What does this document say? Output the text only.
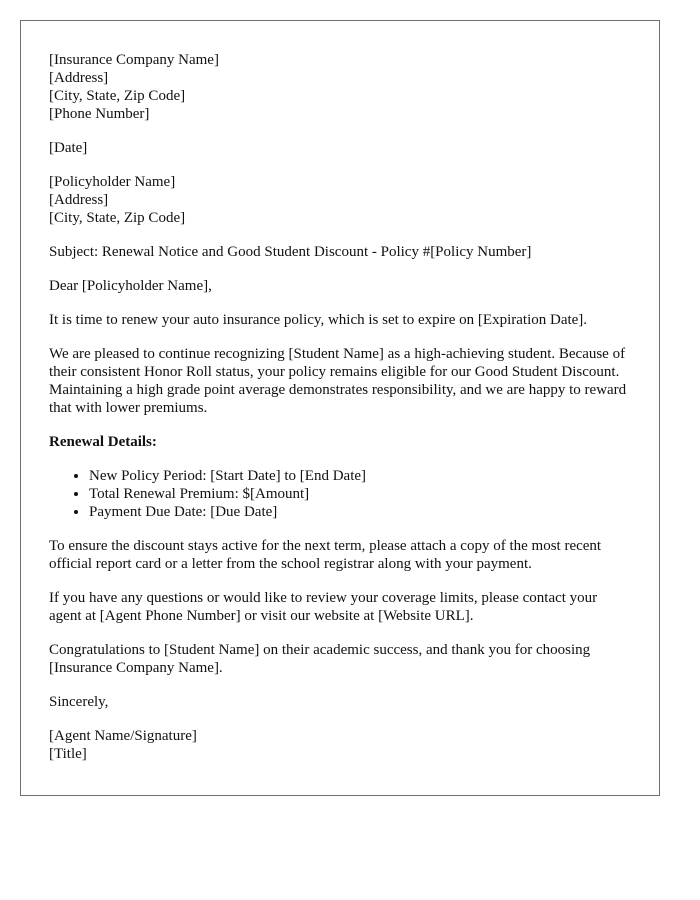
[Insurance Company Name]
[Address]
[City, State, Zip Code]
[Phone Number]
[Date]
[Policyholder Name]
[Address]
[City, State, Zip Code]

Subject: Renewal Notice and Good Student Discount - Policy #[Policy Number]

Dear [Policyholder Name],

It is time to renew your auto insurance policy, which is set to expire on [Expiration Date].

We are pleased to continue recognizing [Student Name] as a high-achieving student. Because of their consistent Honor Roll status, your policy remains eligible for our Good Student Discount. Maintaining a high grade point average demonstrates responsibility, and we are happy to reward that with lower premiums.

Renewal Details:
• New Policy Period: [Start Date] to [End Date]
• Total Renewal Premium: $[Amount]
• Payment Due Date: [Due Date]

To ensure the discount stays active for the next term, please attach a copy of the most recent official report card or a letter from the school registrar along with your payment.

If you have any questions or would like to review your coverage limits, please contact your agent at [Agent Phone Number] or visit our website at [Website URL].

Congratulations to [Student Name] on their academic success, and thank you for choosing [Insurance Company Name].

Sincerely,

[Agent Name/Signature]
[Title]
